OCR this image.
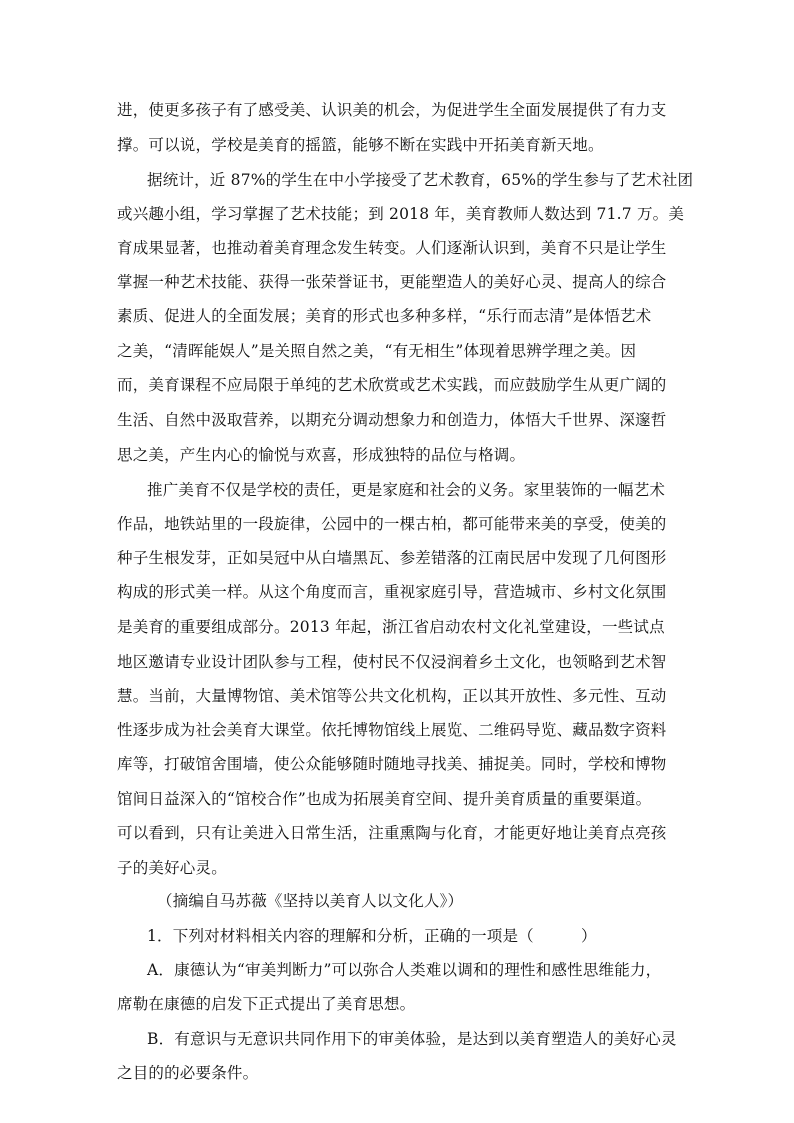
进，使更多孩子有了感受美、认识美的机会，为促进学生全面发展提供了有力支
撑。可以说，学校是美育的摇篮，能够不断在实践中开拓美育新天地。
据统计，近 87%的学生在中小学接受了艺术教育，65%的学生参与了艺术社团
或兴趣小组，学习掌握了艺术技能；到 2018 年，美育教师人数达到 71.7 万。美
育成果显著，也推动着美育理念发生转变。人们逐渐认识到，美育不只是让学生
掌握一种艺术技能、获得一张荣誉证书，更能塑造人的美好心灵、提高人的综合
素质、促进人的全面发展；美育的形式也多种多样，“乐行而志清”是体悟艺术
之美，“清晖能娱人”是关照自然之美，“有无相生”体现着思辨学理之美。因
而，美育课程不应局限于单纯的艺术欣赏或艺术实践，而应鼓励学生从更广阔的
生活、自然中汲取营养，以期充分调动想象力和创造力，体悟大千世界、深邃哲
思之美，产生内心的愉悦与欢喜，形成独特的品位与格调。
推广美育不仅是学校的责任，更是家庭和社会的义务。家里装饰的一幅艺术
作品，地铁站里的一段旋律，公园中的一棵古柏，都可能带来美的享受，使美的
种子生根发芽，正如吴冠中从白墙黑瓦、参差错落的江南民居中发现了几何图形
构成的形式美一样。从这个角度而言，重视家庭引导，营造城市、乡村文化氛围
是美育的重要组成部分。2013 年起，浙江省启动农村文化礼堂建设，一些试点
地区邀请专业设计团队参与工程，使村民不仅浸润着乡土文化，也领略到艺术智
慧。当前，大量博物馆、美术馆等公共文化机构，正以其开放性、多元性、互动
性逐步成为社会美育大课堂。依托博物馆线上展览、二维码导览、藏品数字资料
库等，打破馆舍围墙，使公众能够随时随地寻找美、捕捉美。同时，学校和博物
馆间日益深入的“馆校合作”也成为拓展美育空间、提升美育质量的重要渠道。
可以看到，只有让美进入日常生活，注重熏陶与化育，才能更好地让美育点亮孩
子的美好心灵。
（摘编自马苏薇《坚持以美育人以文化人》）
1．下列对材料相关内容的理解和分析，正确的一项是（　　　）
A．康德认为“审美判断力”可以弥合人类难以调和的理性和感性思维能力，
席勒在康德的启发下正式提出了美育思想。
B．有意识与无意识共同作用下的审美体验，是达到以美育塑造人的美好心灵
之目的的必要条件。
